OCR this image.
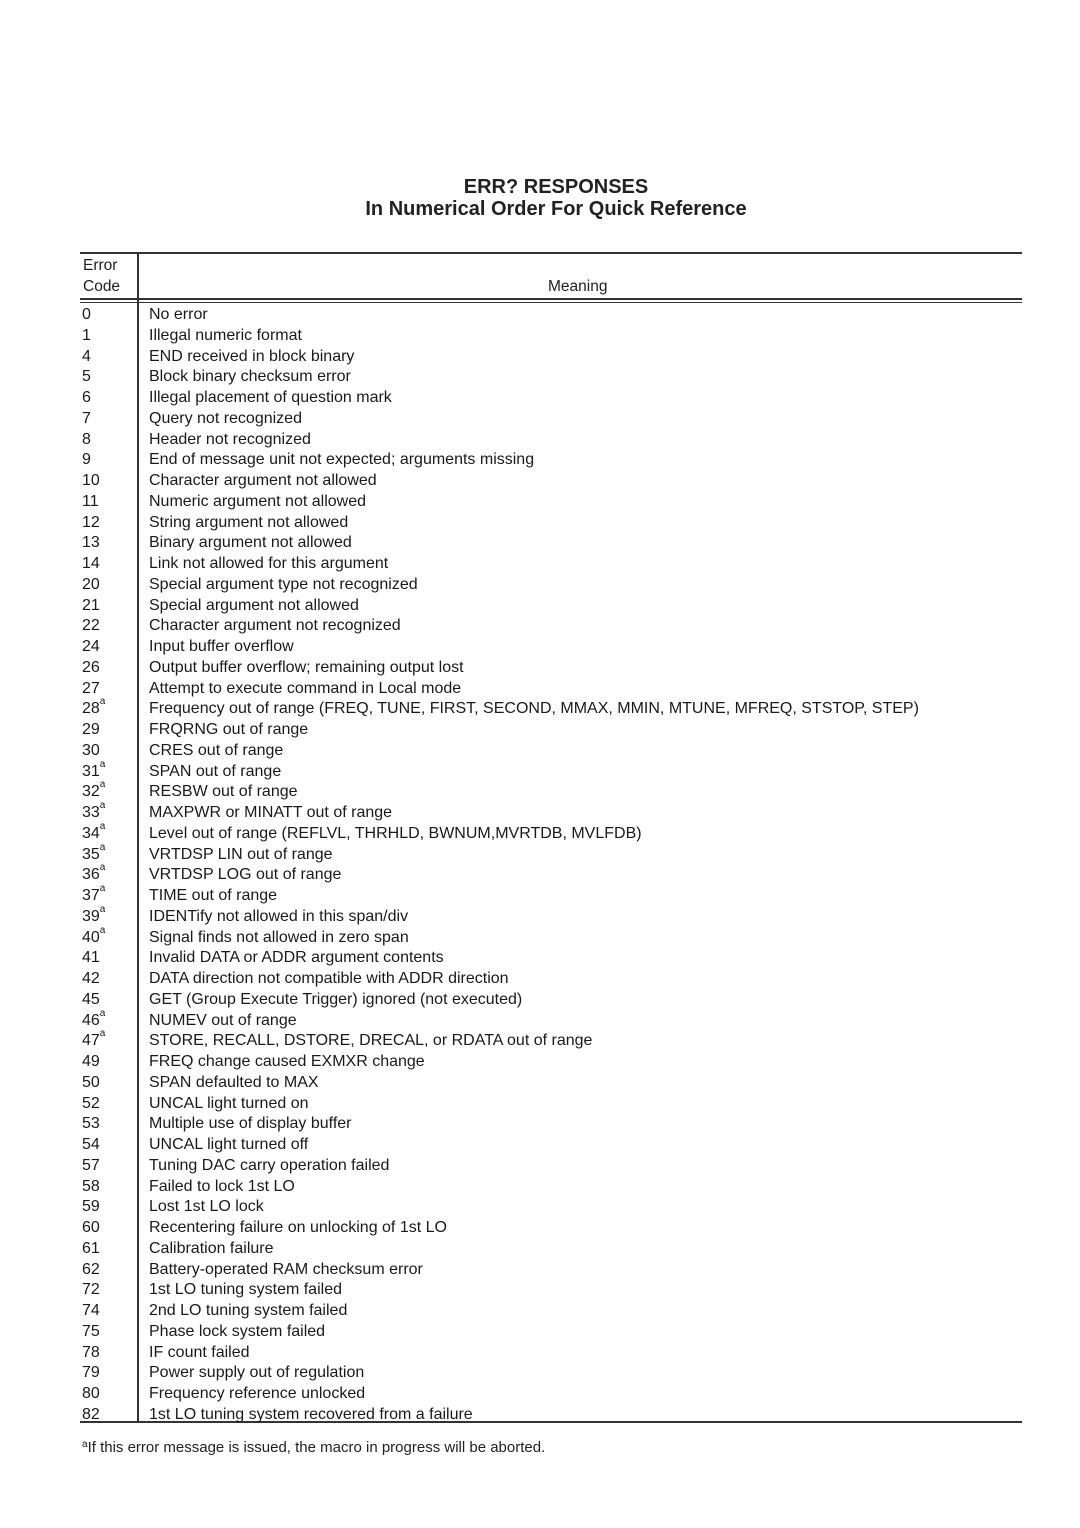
ERR? RESPONSES
In Numerical Order For Quick Reference
Error
Code	Meaning
0	No error
1	Illegal numeric format
4	END received in block binary
5	Block binary checksum error
6	Illegal placement of question mark
7	Query not recognized
8	Header not recognized
9	End of message unit not expected; arguments missing
10	Character argument not allowed
11	Numeric argument not allowed
12	String argument not allowed
13	Binary argument not allowed
14	Link not allowed for this argument
20	Special argument type not recognized
21	Special argument not allowed
22	Character argument not recognized
24	Input buffer overflow
26	Output buffer overflow; remaining output lost
27	Attempt to execute command in Local mode
28$^a$	Frequency out of range (FREQ, TUNE, FIRST, SECOND, MMAX, MMIN, MTUNE, MFREQ, STSTOP, STEP)
29	FRQRNG out of range
30	CRES out of range
31$^a$	SPAN out of range
32$^a$	RESBW out of range
33$^a$	MAXPWR or MINATT out of range
34$^a$	Level out of range (REFLVL, THRHLD, BWNUM,MVRTDB, MVLFDB)
35$^a$	VRTDSP LIN out of range
36$^a$	VRTDSP LOG out of range
37$^a$	TIME out of range
39$^a$	IDENTify not allowed in this span/div
40$^a$	Signal finds not allowed in zero span
41	Invalid DATA or ADDR argument contents
42	DATA direction not compatible with ADDR direction
45	GET (Group Execute Trigger) ignored (not executed)
46$^a$	NUMEV out of range
47$^a$	STORE, RECALL, DSTORE, DRECAL, or RDATA out of range
49	FREQ change caused EXMXR change
50	SPAN defaulted to MAX
52	UNCAL light turned on
53	Multiple use of display buffer
54	UNCAL light turned off
57	Tuning DAC carry operation failed
58	Failed to lock 1st LO
59	Lost 1st LO lock
60	Recentering failure on unlocking of 1st LO
61	Calibration failure
62	Battery-operated RAM checksum error
72	1st LO tuning system failed
74	2nd LO tuning system failed
75	Phase lock system failed
78	IF count failed
79	Power supply out of regulation
80	Frequency reference unlocked
82	1st LO tuning system recovered from a failure
$^a$If this error message is issued, the macro in progress will be aborted.
